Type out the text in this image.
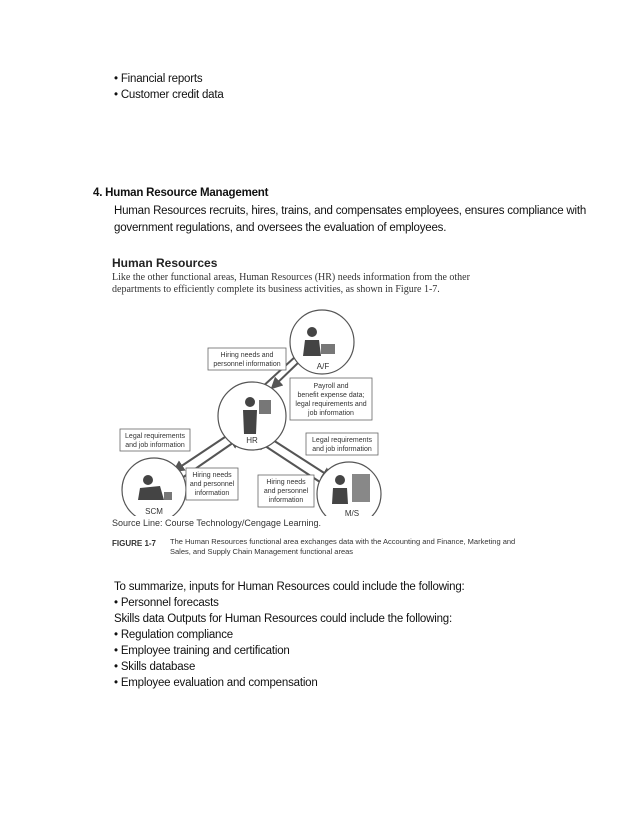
• Financial reports
• Customer credit data
4. Human Resource Management
Human Resources recruits, hires, trains, and compensates employees, ensures compliance with
government regulations, and oversees the evaluation of employees.
Human Resources
Like the other functional areas, Human Resources (HR) needs information from the other departments to efficiently complete its business activities, as shown in Figure 1-7.
A/F
HR
SCM	M/S
Hiring needs and
personnel information
Payroll and
benefit expense data;
legal requirements and
job information
Legal requirements
and job information
Legal requirements
and job information
Hiring needs
and personnel
information
Hiring needs
and personnel
information
Source Line: Course Technology/Cengage Learning.
FIGURE 1-7 The Human Resources functional area exchanges data with the Accounting and Finance, Marketing and Sales, and Supply Chain Management functional areas
To summarize, inputs for Human Resources could include the following:
• Personnel forecasts
Skills data Outputs for Human Resources could include the following:
• Regulation compliance
• Employee training and certification
• Skills database
• Employee evaluation and compensation
